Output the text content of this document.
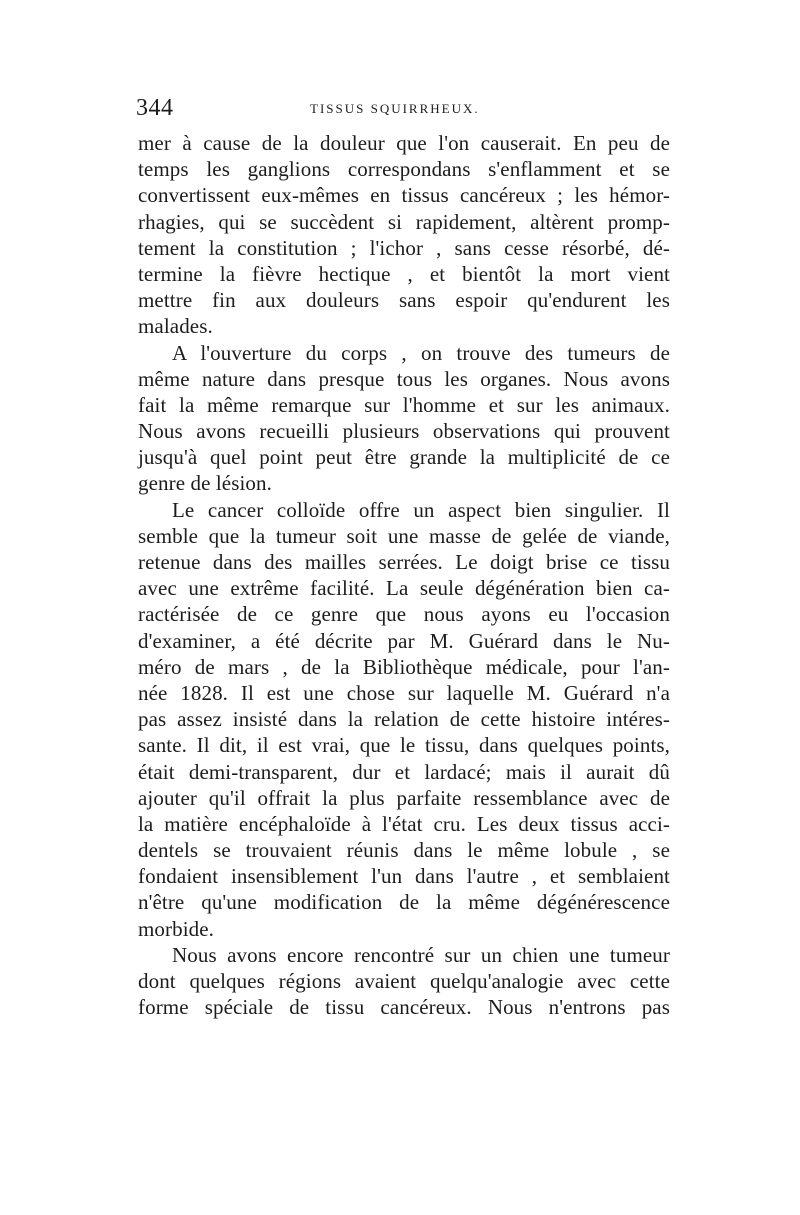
344	TISSUS SQUIRRHEUX.
mer à cause de la douleur que l'on causerait. En peu de
temps les ganglions correspondans s'enflamment et se
convertissent eux-mêmes en tissus cancéreux ; les hémor-
rhagies, qui se succèdent si rapidement, altèrent promp-
tement la constitution ; l'ichor , sans cesse résorbé, dé-
termine la fièvre hectique , et bientôt la mort vient
mettre fin aux douleurs sans espoir qu'endurent les
malades.
A l'ouverture du corps , on trouve des tumeurs de
même nature dans presque tous les organes. Nous avons
fait la même remarque sur l'homme et sur les animaux.
Nous avons recueilli plusieurs observations qui prouvent
jusqu'à quel point peut être grande la multiplicité de ce
genre de lésion.
Le cancer colloïde offre un aspect bien singulier. Il
semble que la tumeur soit une masse de gelée de viande,
retenue dans des mailles serrées. Le doigt brise ce tissu
avec une extrême facilité. La seule dégénération bien ca-
ractérisée de ce genre que nous ayons eu l'occasion
d'examiner, a été décrite par M. Guérard dans le Nu-
méro de mars , de la Bibliothèque médicale, pour l'an-
née 1828. Il est une chose sur laquelle M. Guérard n'a
pas assez insisté dans la relation de cette histoire intéres-
sante. Il dit, il est vrai, que le tissu, dans quelques points,
était demi-transparent, dur et lardacé; mais il aurait dû
ajouter qu'il offrait la plus parfaite ressemblance avec de
la matière encéphaloïde à l'état cru. Les deux tissus acci-
dentels se trouvaient réunis dans le même lobule , se
fondaient insensiblement l'un dans l'autre , et semblaient
n'être qu'une modification de la même dégénérescence
morbide.
Nous avons encore rencontré sur un chien une tumeur
dont quelques régions avaient quelqu'analogie avec cette
forme spéciale de tissu cancéreux. Nous n'entrons pas
